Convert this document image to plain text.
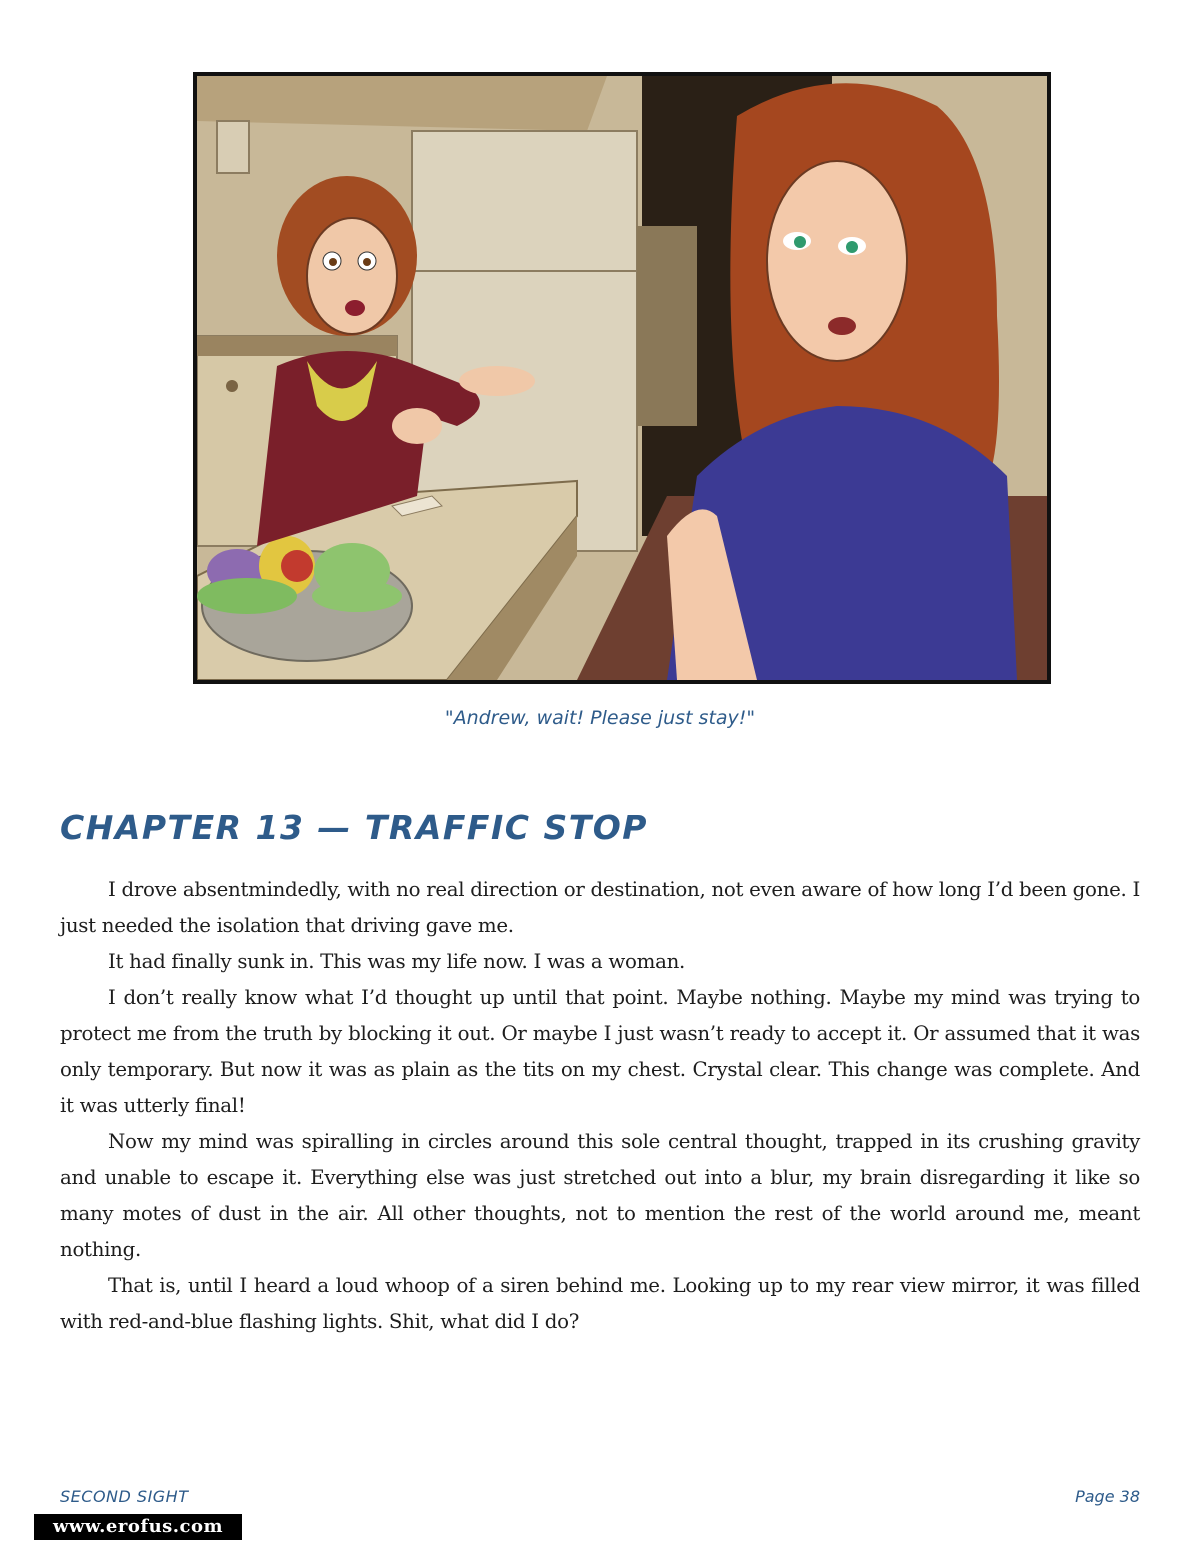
"Andrew, wait! Please just stay!"
CHAPTER 13 — TRAFFIC STOP

I drove absentmindedly, with no real direction or destination, not even aware of how long I’d been gone. I just needed the isolation that driving gave me.

It had finally sunk in. This was my life now. I was a woman.

I don’t really know what I’d thought up until that point. Maybe nothing. Maybe my mind was trying to protect me from the truth by blocking it out. Or maybe I just wasn’t ready to accept it. Or assumed that it was only temporary. But now it was as plain as the tits on my chest. Crystal clear. This change was complete. And it was utterly final!

Now my mind was spiralling in circles around this sole central thought, trapped in its crushing gravity and unable to escape it. Everything else was just stretched out into a blur, my brain disregarding it like so many motes of dust in the air. All other thoughts, not to mention the rest of the world around me, meant nothing.

That is, until I heard a loud whoop of a siren behind me. Looking up to my rear view mirror, it was filled with red-and-blue flashing lights. Shit, what did I do?

SECOND SIGHT	Page 38
www.erofus.com
